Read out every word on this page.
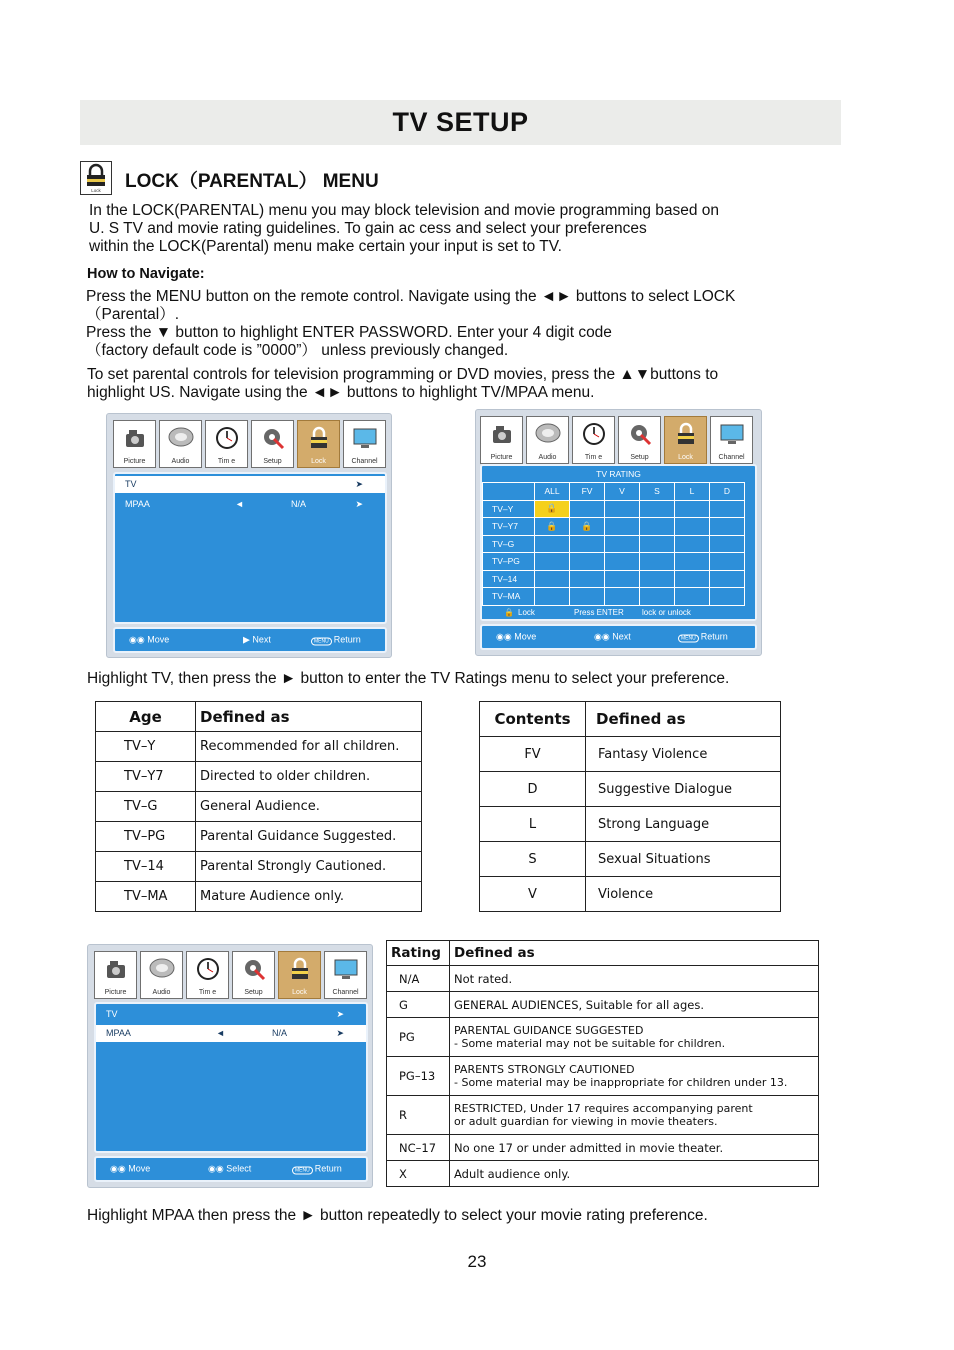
TV SETUP
Lock LOCK（PARENTAL） MENU
In the LOCK(PARENTAL) menu you may block television and movie programming based on
U. S TV and movie rating guidelines. To gain ac cess and select your preferences
within the LOCK(Parental) menu make certain your input is set to TV.
How to Navigate:
Press the MENU button on the remote control. Navigate using the ◄► buttons to select LOCK
（Parental）.
Press the ▼ button to highlight ENTER PASSWORD. Enter your 4 digit code
（factory default code is ”0000”） unless previously changed.
To set parental controls for television programming or DVD movies, press the ▲▼buttons to
highlight US. Navigate using the ◄► buttons to highlight TV/MPAA menu.
Picture	Audio	Tim e	Setup	Lock	Channel
TV	➤
MPAA	◄	N/A	➤
◉◉ Move	▶ Next	MENU Return
Picture	Audio	Tim e	Setup	Lock	Channel
TV RATING
	ALL	FV	V	S	L	D
TV–Y	🔒					
TV–Y7	🔒	🔒				
TV–G						
TV–PG						
TV–14						
TV–MA						
🔒 Lock	Press ENTER lock or unlock
◉◉ Move	◉◉ Next	MENU Return
Highlight TV, then press the ► button to enter the TV Ratings menu to select your preference.
Age	Defined as
TV–Y	Recommended for all children.
TV–Y7	Directed to older children.
TV–G	General Audience.
TV–PG	Parental Guidance Suggested.
TV–14	Parental Strongly Cautioned.
TV–MA	Mature Audience only.
Contents	Defined as
FV	Fantasy Violence
D	Suggestive Dialogue
L	Strong Language
S	Sexual Situations
V	Violence
Picture	Audio	Tim e	Setup	Lock	Channel
TV	➤
MPAA	◄	N/A	➤
◉◉ Move	◉◉ Select	MENU Return
Rating	Defined as
N/A	Not rated.
G	GENERAL AUDIENCES, Suitable for all ages.
PG	PARENTAL GUIDANCE SUGGESTED
- Some material may not be suitable for children.

PG–13	PARENTS STRONGLY CAUTIONED
- Some material may be inappropriate for children under 13.

R	RESTRICTED, Under 17 requires accompanying parent
or adult guardian for viewing in movie theaters.

NC–17	No one 17 or under admitted in movie theater.
X	Adult audience only.
Highlight MPAA then press the ► button repeatedly to select your movie rating preference.
23
